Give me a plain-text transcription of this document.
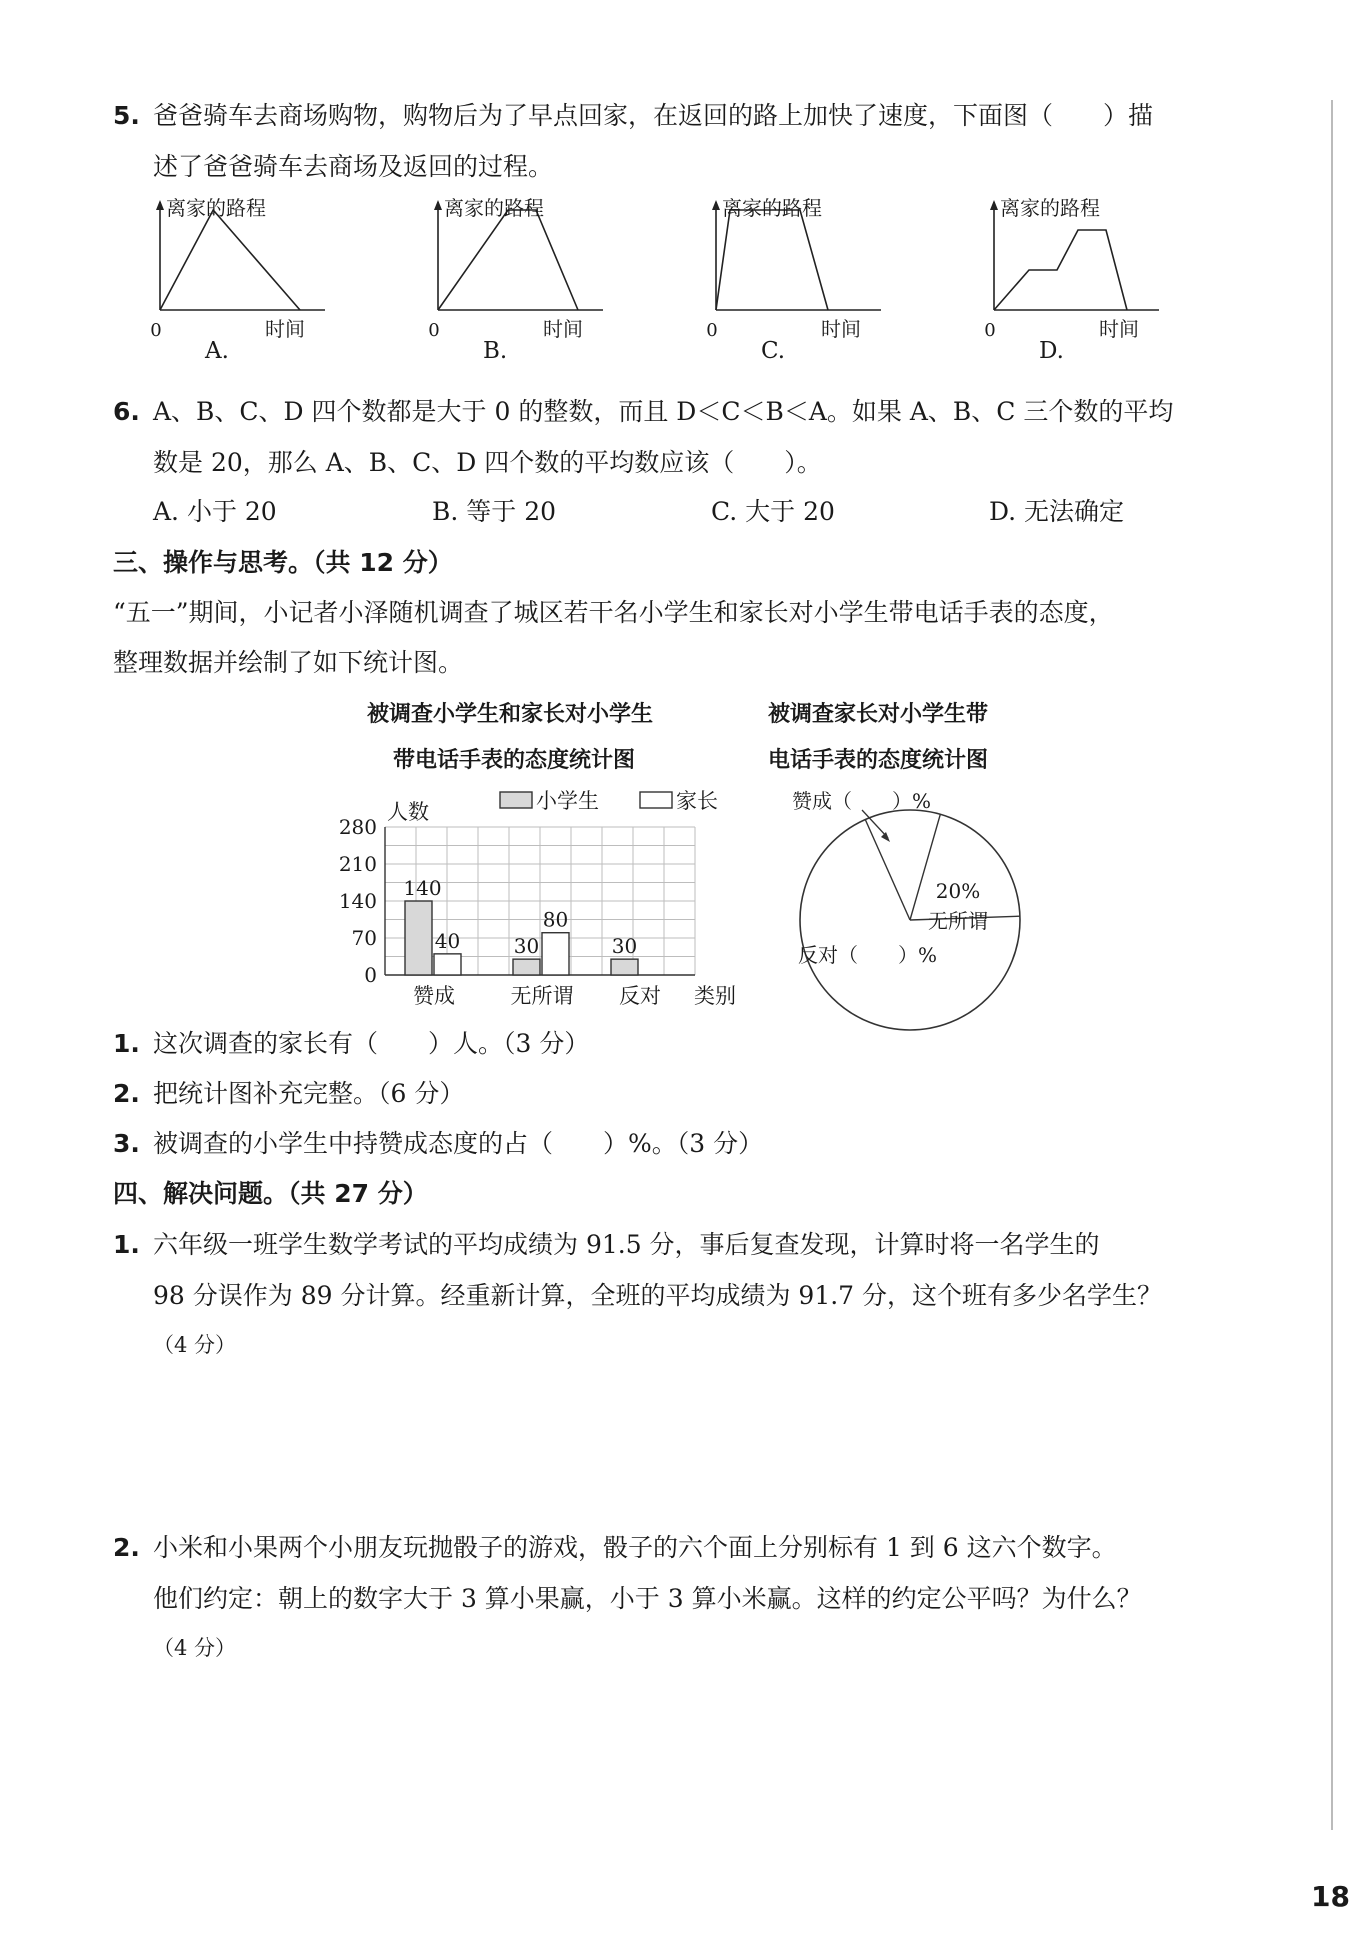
5. 爸爸骑车去商场购物，购物后为了早点回家，在返回的路上加快了速度，下面图（　　）描
述了爸爸骑车去商场及返回的过程。
离家的路程
0	时间
A.
离家的路程
0	时间
B.
离家的路程
0	时间
C.
离家的路程
0	时间
D.
6. A、B、C、D 四个数都是大于 0 的整数，而且 D＜C＜B＜A。如果 A、B、C 三个数的平均
数是 20，那么 A、B、C、D 四个数的平均数应该（　　）。
A. 小于 20	B. 等于 20	C. 大于 20	D. 无法确定
三、操作与思考。（共 12 分）
“五一”期间，小记者小泽随机调查了城区若干名小学生和家长对小学生带电话手表的态度，
整理数据并绘制了如下统计图。
被调查小学生和家长对小学生
带电话手表的态度统计图
被调查家长对小学生带
电话手表的态度统计图
0
70
140
210
280
人数	小学生	家长
140
40
赞成
30
80
无所谓
30
反对 类别
赞成（　　）%
20%
无所谓
反对（　　）%
1. 这次调查的家长有（　　）人。（3 分）
2. 把统计图补充完整。（6 分）
3. 被调查的小学生中持赞成态度的占（　　）%。（3 分）
四、解决问题。（共 27 分）
1. 六年级一班学生数学考试的平均成绩为 91.5 分，事后复查发现，计算时将一名学生的
98 分误作为 89 分计算。经重新计算，全班的平均成绩为 91.7 分，这个班有多少名学生？
（4 分）
2. 小米和小果两个小朋友玩抛骰子的游戏，骰子的六个面上分别标有 1 到 6 这六个数字。
他们约定：朝上的数字大于 3 算小果赢，小于 3 算小米赢。这样的约定公平吗？为什么？
（4 分）
18
